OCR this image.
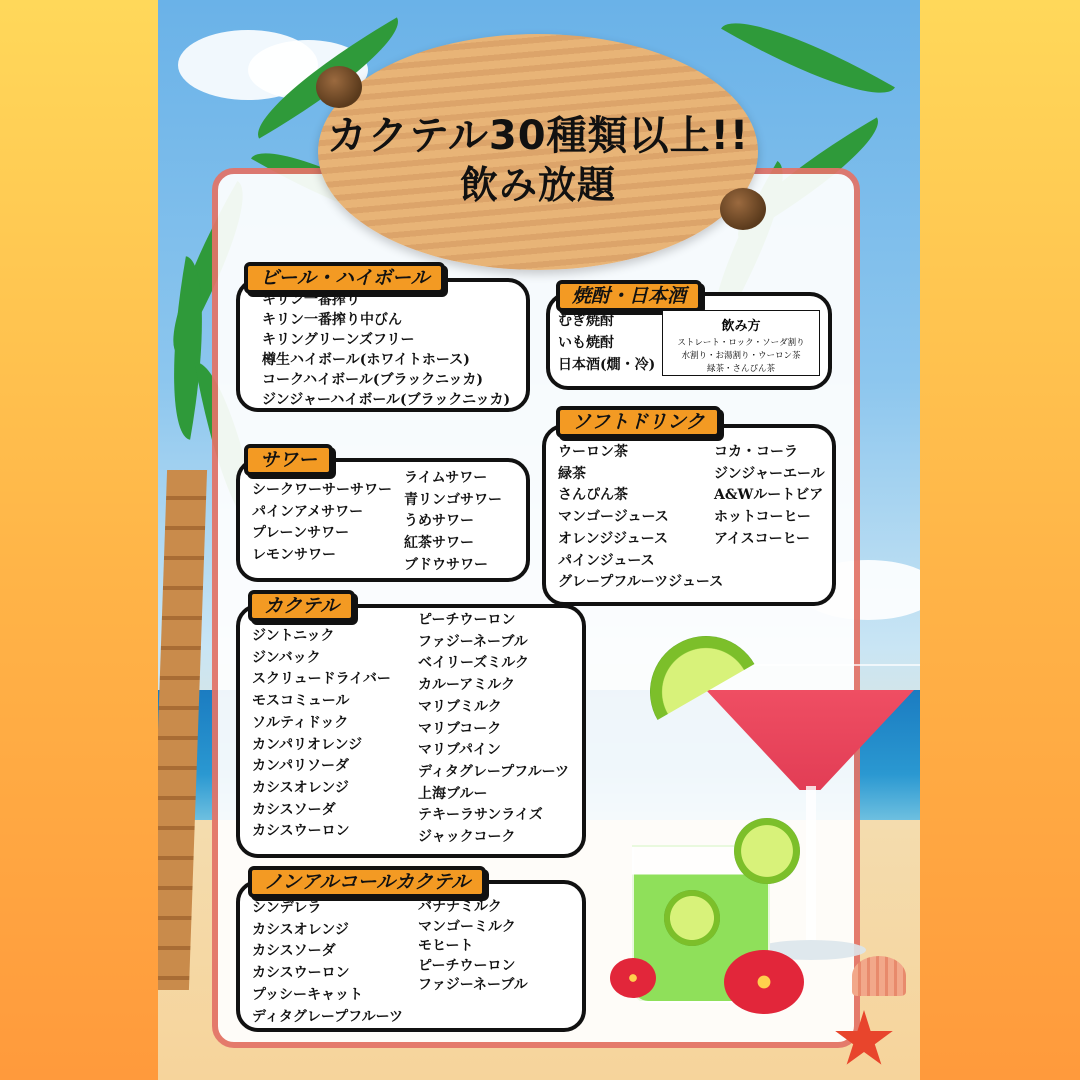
カクテル30種類以上!!
飲み放題
ビール・ハイボール
キリン一番搾り
キリン一番搾り中びん
キリングリーンズフリー
樽生ハイボール(ホワイトホース)
コークハイボール(ブラックニッカ)
ジンジャーハイボール(ブラックニッカ)
焼酎・日本酒
むぎ焼酎
いも焼酎
日本酒(燗・冷)
飲み方
ストレート・ロック・ソーダ割り
水割り・お湯割り・ウーロン茶
緑茶・さんぴん茶
ソフトドリンク
ウーロン茶
緑茶
さんぴん茶
マンゴージュース
オレンジジュース
パインジュース
グレープフルーツジュース
コカ・コーラ
ジンジャーエール
A&Wルートビア
ホットコーヒー
アイスコーヒー
サワー
シークワーサーサワー
パインアメサワー
プレーンサワー
レモンサワー
ライムサワー
青リンゴサワー
うめサワー
紅茶サワー
ブドウサワー
カクテル
ジントニック
ジンバック
スクリュードライバー
モスコミュール
ソルティドック
カンパリオレンジ
カンパリソーダ
カシスオレンジ
カシスソーダ
カシスウーロン
ピーチウーロン
ファジーネーブル
ベイリーズミルク
カルーアミルク
マリブミルク
マリブコーク
マリブパイン
ディタグレープフルーツ
上海ブルー
テキーラサンライズ
ジャックコーク
ノンアルコールカクテル
シンデレラ
カシスオレンジ
カシスソーダ
カシスウーロン
プッシーキャット
ディタグレープフルーツ
バナナミルク
マンゴーミルク
モヒート
ピーチウーロン
ファジーネーブル
